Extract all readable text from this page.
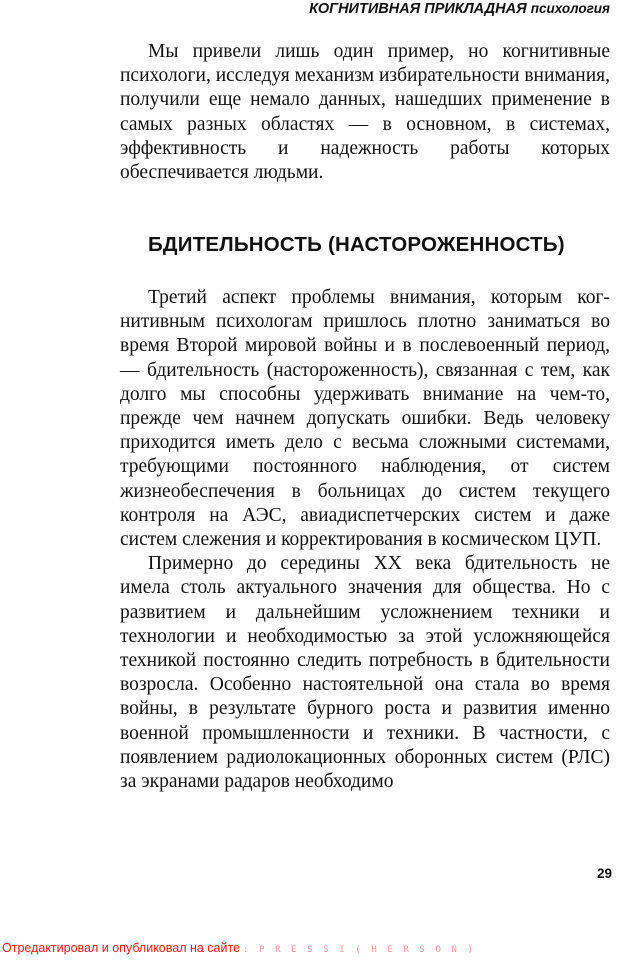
КОГНИТИВНАЯ ПРИКЛАДНАЯ психология

Мы привели лишь один пример, но когнитивные психологи, исследуя механизм избирательности внимания, получили еще немало данных, нашедших применение в самых разных областях — в основном, в системах, эффективность и надежность работы которых обеспечивается людьми.

БДИТЕЛЬНОСТЬ (НАСТОРОЖЕННОСТЬ)

Третий аспект проблемы внимания, которым когнитивным психологам пришлось плотно заниматься во время Второй мировой войны и в послевоенный период, — бдительность (настороженность), связанная с тем, как долго мы способны удерживать внимание на чем-то, прежде чем начнем допускать ошибки. Ведь человеку приходится иметь дело с весьма сложными системами, требующими постоянного наблюдения, от систем жизнеобеспечения в больницах до систем текущего контроля на АЭС, авиадиспетчерских систем и даже систем слежения и корректирования в космическом ЦУП.

Примерно до середины XX века бдительность не имела столь актуального значения для общества. Но с развитием и дальнейшим усложнением техники и технологии и необходимостью за этой усложняющейся техникой постоянно следить потребность в бдительности возросла. Особенно настоятельной она стала во время войны, в результате бурного роста и развития именно военной промышленности и техники. В частности, с появлением радиолокационных оборонных систем (РЛС) за экранами радаров необходимо

29
Отредактировал и опубликовал на сайте : P R E S S I ( H E R S O N )
